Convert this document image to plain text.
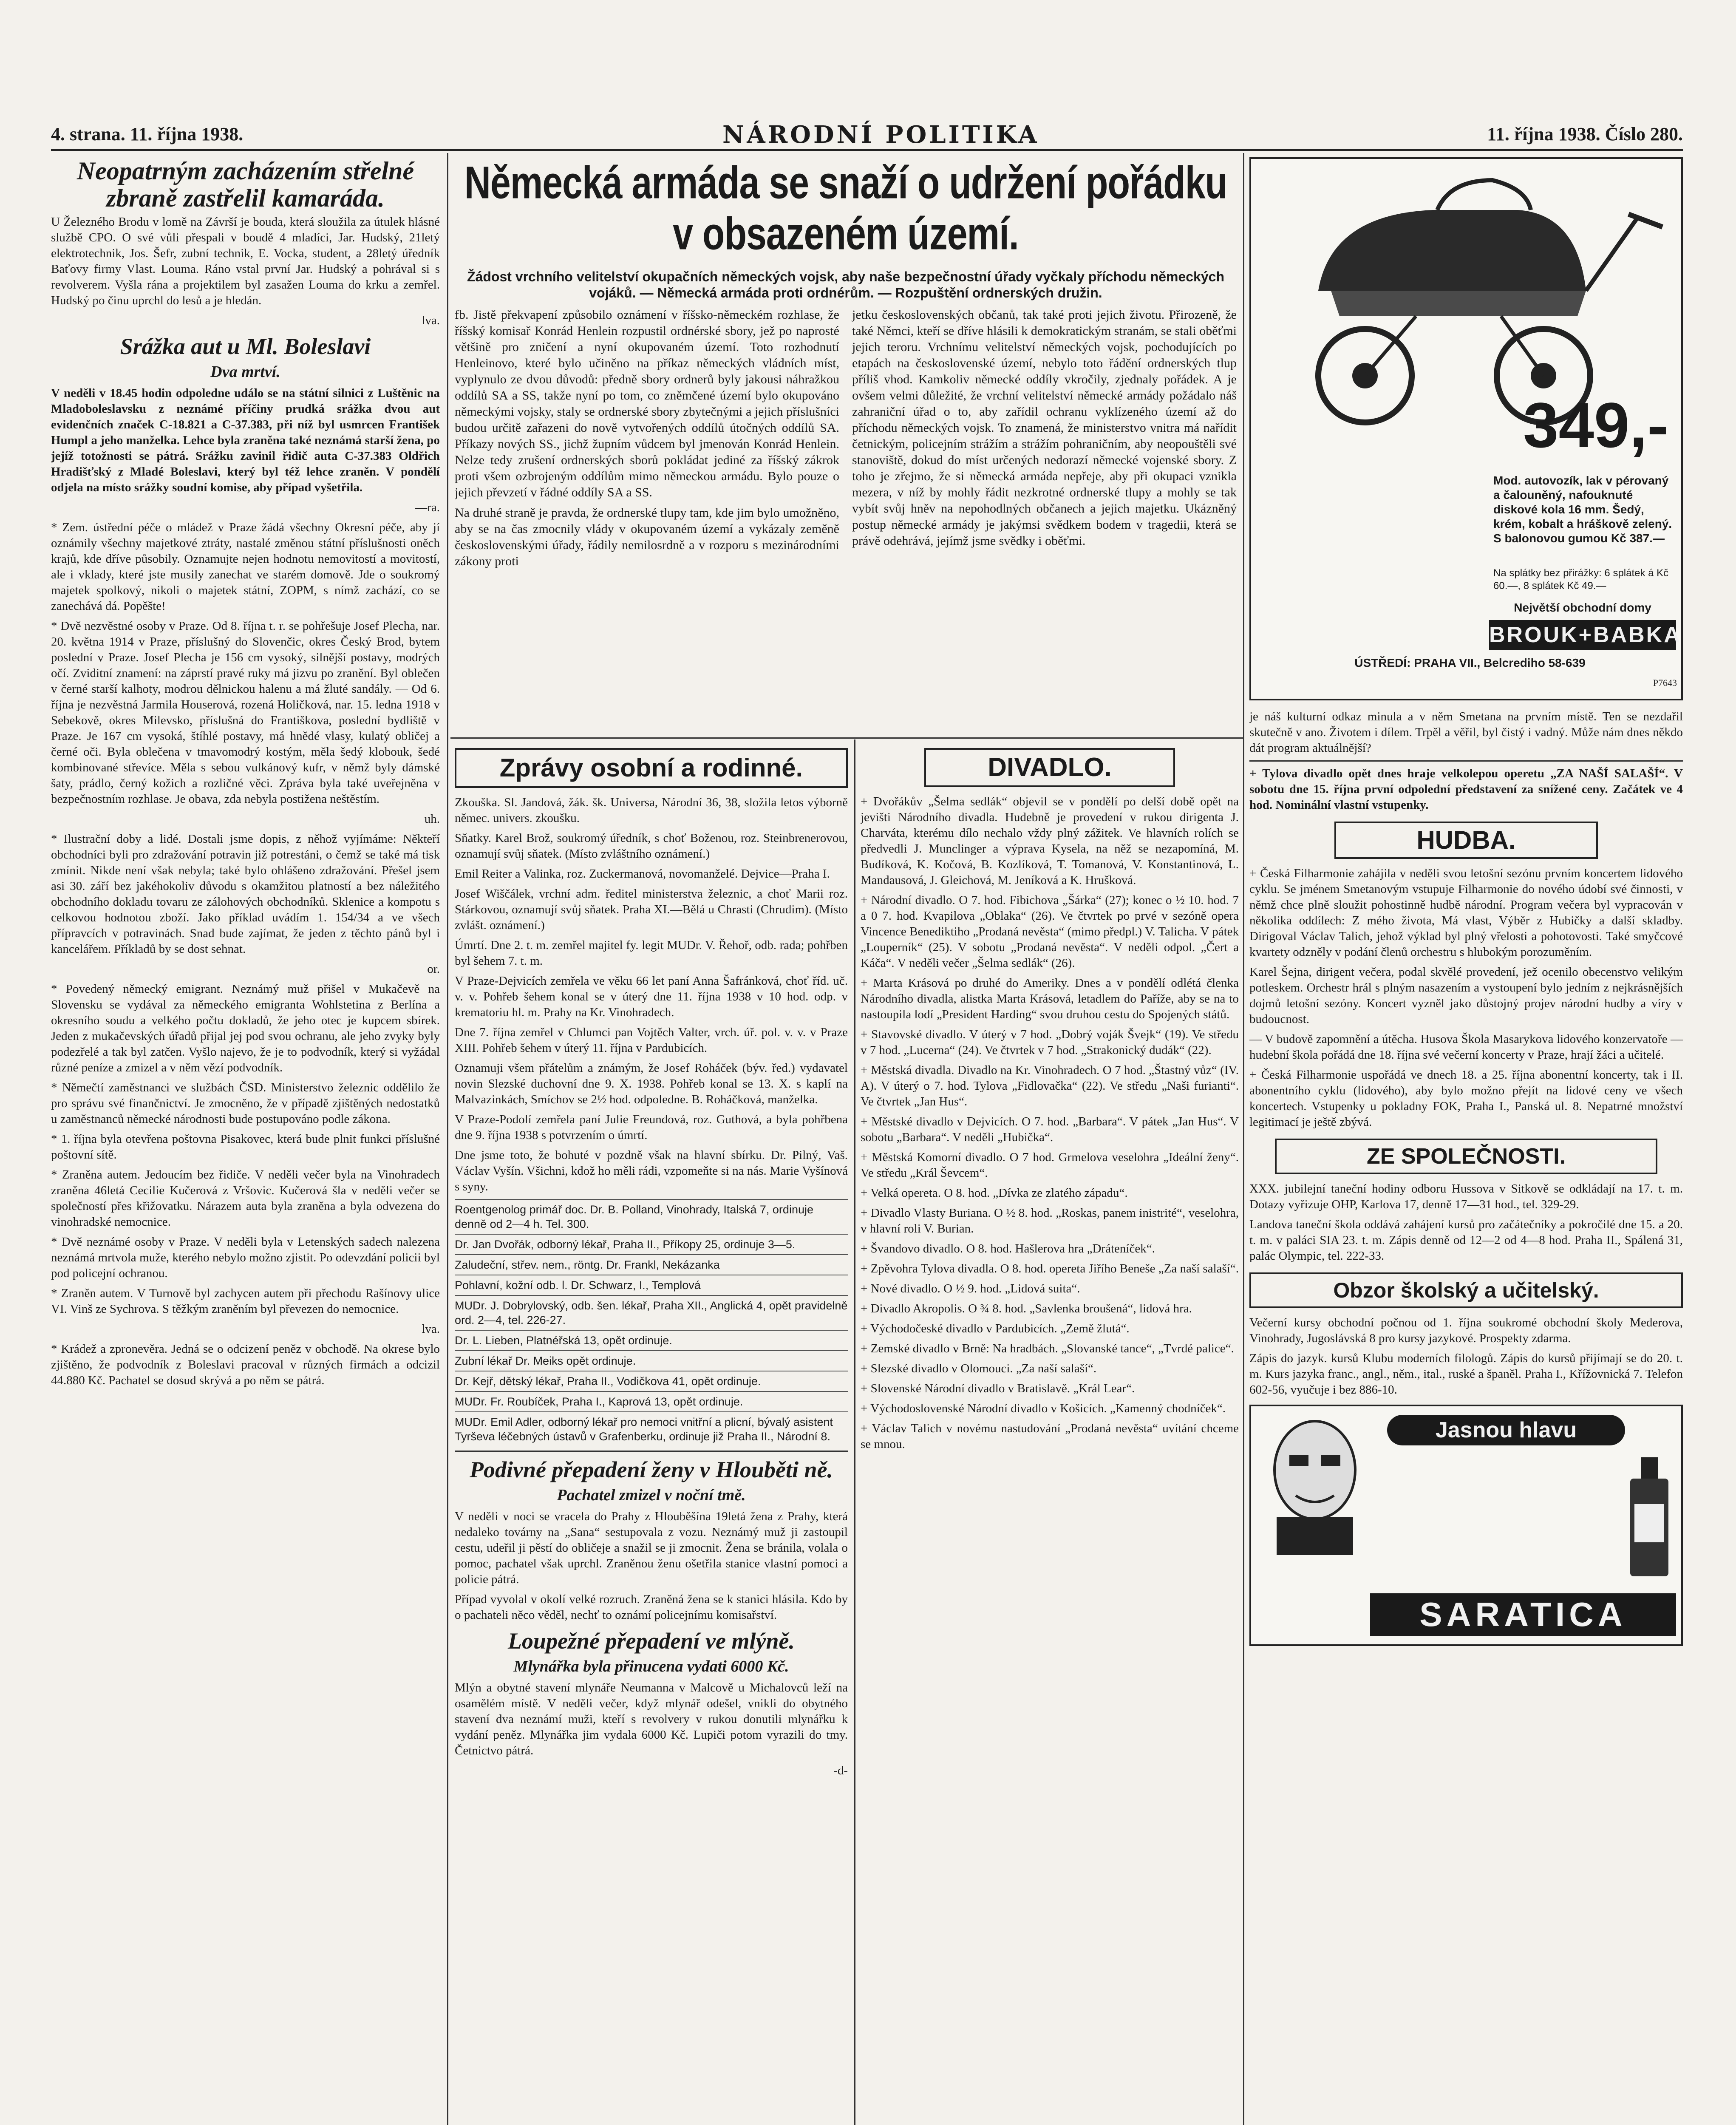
4. strana. 11. října 1938.	NÁRODNÍ POLITIKA	11. října 1938. Číslo 280.
Neopatrným zacházením střelné zbraně zastřelil kamaráda.

U Železného Brodu v lomě na Závrší je bouda, která sloužila za útulek hlásné službě CPO. O své vůli přespali v boudě 4 mladíci, Jar. Hudský, 21letý elektrotechnik, Jos. Šefr, zubní technik, E. Vocka, student, a 28letý úředník Baťovy firmy Vlast. Louma. Ráno vstal první Jar. Hudský a pohrával si s revolverem. Vyšla rána a projektilem byl zasažen Louma do krku a zemřel. Hudský po činu uprchl do lesů a je hledán.

lva.

Srážka aut u Ml. Boleslavi
Dva mrtví.

V neděli v 18.45 hodin odpoledne událo se na státní silnici z Luštěnic na Mladoboleslavsku z neznámé příčiny prudká srážka dvou aut evidenčních značek C-18.821 a C-37.383, při níž byl usmrcen František Humpl a jeho manželka. Lehce byla zraněna také neznámá starší žena, po jejíž totožnosti se pátrá. Srážku zavinil řidič auta C-37.383 Oldřich Hradišťský z Mladé Boleslavi, který byl též lehce zraněn. V pondělí odjela na místo srážky soudní komise, aby případ vyšetřila.

—ra.

* Zem. ústřední péče o mládež v Praze žádá všechny Okresní péče, aby jí oznámily všechny majetkové ztráty, nastalé změnou státní příslušnosti oněch krajů, kde dříve působily. Oznamujte nejen hodnotu nemovitostí a movitostí, ale i vklady, které jste musily zanechat ve starém domově. Jde o soukromý majetek spolkový, nikoli o majetek státní, ZOPM, s nímž zachází, co se zanechává dá. Popěšte!

* Dvě nezvěstné osoby v Praze. Od 8. října t. r. se pohřešuje Josef Plecha, nar. 20. května 1914 v Praze, příslušný do Slovenčic, okres Český Brod, bytem poslední v Praze. Josef Plecha je 156 cm vysoký, silnější postavy, modrých očí. Zviditní znamení: na záprstí pravé ruky má jizvu po zranění. Byl oblečen v černé starší kalhoty, modrou dělnickou halenu a má žluté sandály. — Od 6. října je nezvěstná Jarmila Houserová, rozená Holičková, nar. 15. ledna 1918 v Sebekově, okres Milevsko, příslušná do Františkova, poslední bydliště v Praze. Je 167 cm vysoká, štíhlé postavy, má hnědé vlasy, kulatý obličej a černé oči. Byla oblečena v tmavomodrý kostým, měla šedý klobouk, šedé kombinované střevíce. Měla s sebou vulkánový kufr, v němž byly dámské šaty, prádlo, černý kožich a rozličné věci. Zpráva byla také uveřejněna v bezpečnostním rozhlase. Je obava, zda nebyla postižena neštěstím.

uh.

* Ilustrační doby a lidé. Dostali jsme dopis, z něhož vyjímáme: Někteří obchodníci byli pro zdražování potravin již potrestáni, o čemž se také má tisk zmínit. Nikde není však nebyla; také bylo ohlášeno zdražování. Přešel jsem asi 30. září bez jakéhokoliv důvodu s okamžitou platností a bez náležitého obchodního dokladu tovaru ze zálohových obchodníků. Sklenice a kompotu s celkovou hodnotou zboží. Jako příklad uvádím 1. 154/34 a ve všech přípravcích v potravinách. Snad bude zajímat, že jeden z těchto pánů byl i kancelářem. Příkladů by se dost sehnat.

or.

* Povedený německý emigrant. Neznámý muž přišel v Mukačevě na Slovensku se vydával za německého emigranta Wohlstetina z Berlína a okresního soudu a velkého počtu dokladů, že jeho otec je kupcem sbírek. Jeden z mukačevských úřadů přijal jej pod svou ochranu, ale jeho zvyky byly podezřelé a tak byl zatčen. Vyšlo najevo, že je to podvodník, který si vyžádal různé peníze a zmizel a v něm vězí podvodník.

* Němečtí zaměstnanci ve službách ČSD. Ministerstvo železnic oddělilo že pro správu své finančnictví. Je zmocněno, že v případě zjištěných nedostatků u zaměstnanců německé národnosti bude postupováno podle zákona.

* 1. října byla otevřena poštovna Pisakovec, která bude plnit funkci příslušné poštovní sítě.

* Zraněna autem. Jedoucím bez řidiče. V neděli večer byla na Vinohradech zraněna 46letá Cecilie Kučerová z Vršovic. Kučerová šla v neděli večer se společností přes křižovatku. Nárazem auta byla zraněna a byla odvezena do vinohradské nemocnice.

* Dvě neznámé osoby v Praze. V neděli byla v Letenských sadech nalezena neznámá mrtvola muže, kterého nebylo možno zjistit. Po odevzdání policii byl pod policejní ochranou.

* Zraněn autem. V Turnově byl zachycen autem při přechodu Rašínovy ulice VI. Vinš ze Sychrova. S těžkým zraněním byl převezen do nemocnice.

lva.

* Krádež a zpronevěra. Jedná se o odcizení peněz v obchodě. Na okrese bylo zjištěno, že podvodník z Boleslavi pracoval v různých firmách a odcizil 44.880 Kč. Pachatel se dosud skrývá a po něm se pátrá.

Německá armáda se snaží o udržení pořádku v obsazeném území.
Žádost vrchního velitelství okupačních německých vojsk, aby naše bezpečnostní úřady vyčkaly příchodu německých vojáků. — Německá armáda proti ordnérům. — Rozpuštění ordnerských družin.

fb. Jistě překvapení způsobilo oznámení v říšsko-německém rozhlase, že říšský komisař Konrád Henlein rozpustil ordnérské sbory, jež po naprosté většině pro zničení a nyní okupovaném území. Toto rozhodnutí Henleinovo, které bylo učiněno na příkaz německých vládních míst, vyplynulo ze dvou důvodů: předně sbory ordnerů byly jakousi náhražkou oddílů SA a SS, takže nyní po tom, co zněmčené území bylo okupováno německými vojsky, staly se ordnerské sbory zbytečnými a jejich příslušníci budou určitě zařazeni do nově vytvořených oddílů útočných oddílů SA. Příkazy nových SS., jichž župním vůdcem byl jmenován Konrád Henlein. Nelze tedy zrušení ordnerských sborů pokládat jediné za říšský zákrok proti všem ozbrojeným oddílům mimo německou armádu. Bylo pouze o jejich převzetí v řádné oddíly SA a SS.

Na druhé straně je pravda, že ordnerské tlupy tam, kde jim bylo umožněno, aby se na čas zmocnily vlády v okupovaném území a vykázaly zeměně československými úřady, řádily nemilosrdně a v rozporu s mezinárodními zákony proti

jetku československých občanů, tak také proti jejich životu. Přirozeně, že také Němci, kteří se dříve hlásili k demokratickým stranám, se stali oběťmi jejich teroru. Vrchnímu velitelství německých vojsk, pochodujících po etapách na československé území, nebylo toto řádění ordnerských tlup příliš vhod. Kamkoliv německé oddíly vkročily, zjednaly pořádek. A je ovšem velmi důležité, že vrchní velitelství německé armády požádalo náš zahraniční úřad o to, aby zařídil ochranu vyklízeného území až do příchodu německých vojsk. To znamená, že ministerstvo vnitra má nařídit četnickým, policejním strážím a strážím pohraničním, aby neopouštěli své stanoviště, dokud do míst určených nedorazí německé vojenské sbory. Z toho je zřejmo, že si německá armáda nepřeje, aby při okupaci vznikla mezera, v níž by mohly řádit nezkrotné ordnerské tlupy a mohly se tak vybít svůj hněv na nepohodlných občanech a jejich majetku. Ukázněný postup německé armády je jakýmsi svědkem bodem v tragedii, která se právě odehrává, jejímž jsme svědky i oběťmi.

Zprávy osobní a rodinné.

Zkouška. Sl. Jandová, žák. šk. Universa, Národní 36, 38, složila letos výborně němec. univers. zkoušku.

Sňatky. Karel Brož, soukromý úředník, s choť Boženou, roz. Steinbrenerovou, oznamují svůj sňatek. (Místo zvláštního oznámení.)

Emil Reiter a Valinka, roz. Zuckermanová, novomanželé. Dejvice—Praha I.

Josef Wiščálek, vrchní adm. ředitel ministerstva železnic, a choť Marii roz. Stárkovou, oznamují svůj sňatek. Praha XI.—Bělá u Chrasti (Chrudim). (Místo zvlášt. oznámení.)

Úmrtí. Dne 2. t. m. zemřel majitel fy. legit MUDr. V. Řehoř, odb. rada; pohřben byl šehem 7. t. m.

V Praze-Dejvicích zemřela ve věku 66 let paní Anna Šafránková, choť říd. uč. v. v. Pohřeb šehem konal se v úterý dne 11. října 1938 v 10 hod. odp. v krematoriu hl. m. Prahy na Kr. Vinohradech.

Dne 7. října zemřel v Chlumci pan Vojtěch Valter, vrch. úř. pol. v. v. v Praze XIII. Pohřeb šehem v úterý 11. října v Pardubicích.

Oznamuji všem přátelům a známým, že Josef Roháček (býv. řed.) vydavatel novin Slezské duchovní dne 9. X. 1938. Pohřeb konal se 13. X. s kaplí na Malvazinkách, Smíchov se 2½ hod. odpoledne. B. Roháčková, manželka.

V Praze-Podolí zemřela paní Julie Freundová, roz. Guthová, a byla pohřbena dne 9. října 1938 s potvrzením o úmrtí.

Dne jsme toto, že bohuté v pozdně však na hlavní sbírku. Dr. Pilný, Vaš. Václav Vyšín. Všichni, kdož ho měli rádi, vzpomeňte si na nás. Marie Vyšínová s syny.

Roentgenolog primář doc. Dr. B. Polland, Vinohrady, Italská 7, ordinuje denně od 2—4 h. Tel. 300.
Dr. Jan Dvořák, odborný lékař, Praha II., Příkopy 25, ordinuje 3—5.
Zaludeční, střev. nem., röntg. Dr. Frankl, Nekázanka
Pohlavní, kožní odb. l. Dr. Schwarz, I., Templová
MUDr. J. Dobrylovský, odb. šen. lékař, Praha XII., Anglická 4, opět pravidelně ord. 2—4, tel. 226-27.
Dr. L. Lieben, Platnéřská 13, opět ordinuje.
Zubní lékař Dr. Meiks opět ordinuje.
Dr. Kejř, dětský lékař, Praha II., Vodičkova 41, opět ordinuje.
MUDr. Fr. Roubíček, Praha I., Kaprová 13, opět ordinuje.
MUDr. Emil Adler, odborný lékař pro nemoci vnitřní a plicní, bývalý asistent Tyrševa léčebných ústavů v Grafenberku, ordinuje již Praha II., Národní 8.
Podivné přepadení ženy v Hlouběti ně.
Pachatel zmizel v noční tmě.

V neděli v noci se vracela do Prahy z Hlouběšína 19letá žena z Prahy, která nedaleko továrny na „Sana“ sestupovala z vozu. Neznámý muž ji zastoupil cestu, udeřil ji pěstí do obličeje a snažil se ji zmocnit. Žena se bránila, volala o pomoc, pachatel však uprchl. Zraněnou ženu ošetřila stanice vlastní pomoci a policie pátrá.

Případ vyvolal v okolí velké rozruch. Zraněná žena se k stanici hlásila. Kdo by o pachateli něco věděl, nechť to oznámí policejnímu komisařství.

Loupežné přepadení ve mlýně.
Mlynářka byla přinucena vydati 6000 Kč.

Mlýn a obytné stavení mlynáře Neumanna v Malcově u Michalovců leží na osamělém místě. V neděli večer, když mlynář odešel, vnikli do obytného stavení dva neznámí muži, kteří s revolvery v rukou donutili mlynářku k vydání peněz. Mlynářka jim vydala 6000 Kč. Lupiči potom vyrazili do tmy. Četnictvo pátrá.

-d-

DIVADLO.

+ Dvořákův „Šelma sedlák“ objevil se v pondělí po delší době opět na jevišti Národního divadla. Hudebně je provedení v rukou dirigenta J. Charváta, kterému dílo nechalo vždy plný zážitek. Ve hlavních rolích se předvedli J. Munclinger a výprava Kysela, na něž se nezapomíná, M. Budíková, K. Kočová, B. Kozlíková, T. Tomanová, V. Konstantinová, L. Mandausová, J. Gleichová, M. Jeníková a K. Hrušková.

+ Národní divadlo. O 7. hod. Fibichova „Šárka“ (27); konec o ½ 10. hod. 7 a 0 7. hod. Kvapilova „Oblaka“ (26). Ve čtvrtek po prvé v sezóně opera Vincence Benediktiho „Prodaná nevěsta“ (mimo předpl.) V. Talicha. V pátek „Louperník“ (25). V sobotu „Prodaná nevěsta“. V neděli odpol. „Čert a Káča“. V neděli večer „Šelma sedlák“ (26).

+ Marta Krásová po druhé do Ameriky. Dnes a v pondělí odlétá členka Národního divadla, alistka Marta Krásová, letadlem do Paříže, aby se na to nastoupila lodí „President Harding“ svou druhou cestu do Spojených států.

+ Stavovské divadlo. V úterý v 7 hod. „Dobrý voják Švejk“ (19). Ve středu v 7 hod. „Lucerna“ (24). Ve čtvrtek v 7 hod. „Strakonický dudák“ (22).

+ Městská divadla. Divadlo na Kr. Vinohradech. O 7 hod. „Štastný vůz“ (IV. A). V úterý o 7. hod. Tylova „Fidlovačka“ (22). Ve středu „Naši furianti“. Ve čtvrtek „Jan Hus“.

+ Městské divadlo v Dejvicích. O 7. hod. „Barbara“. V pátek „Jan Hus“. V sobotu „Barbara“. V neděli „Hubička“.

+ Městská Komorní divadlo. O 7 hod. Grmelova veselohra „Ideální ženy“. Ve středu „Král Ševcem“.

+ Velká opereta. O 8. hod. „Dívka ze zlatého západu“.

+ Divadlo Vlasty Buriana. O ½ 8. hod. „Roskas, panem inistrité“, veselohra, v hlavní roli V. Burian.

+ Švandovo divadlo. O 8. hod. Hašlerova hra „Dráteníček“.

+ Zpěvohra Tylova divadla. O 8. hod. opereta Jiřího Beneše „Za naší salaší“.

+ Nové divadlo. O ½ 9. hod. „Lidová suita“.

+ Divadlo Akropolis. O ¾ 8. hod. „Savlenka broušená“, lidová hra.

+ Východočeské divadlo v Pardubicích. „Země žlutá“.

+ Zemské divadlo v Brně: Na hradbách. „Slovanské tance“, „Tvrdé palice“.

+ Slezské divadlo v Olomouci. „Za naší salaší“.

+ Slovenské Národní divadlo v Bratislavě. „Král Lear“.

+ Východoslovenské Národní divadlo v Košicích. „Kamenný chodníček“.

+ Václav Talich v novému nastudování „Prodaná nevěsta“ uvítání chceme se mnou.

349,-
Mod. autovozík, lak v pérovaný a čalouněný, nafouknuté diskové kola 16 mm. Šedý, krém, kobalt a hráškově zelený. S balonovou gumou Kč 387.—
Na splátky bez přirážky: 6 splátek á Kč 60.—, 8 splátek Kč 49.—
Největší obchodní domy
BROUK+BABKA
ÚSTŘEDÍ: PRAHA VII., Belcrediho 58-639
P7643

je náš kulturní odkaz minula a v něm Smetana na prvním místě. Ten se nezdařil skutečně v ano. Životem i dílem. Trpěl a věřil, byl čistý i vadný. Může nám dnes někdo dát program aktuálnější?

+ Tylova divadlo opět dnes hraje velkolepou operetu „ZA NAŠÍ SALAŠÍ“. V sobotu dne 15. října první odpolední představení za snížené ceny. Začátek ve 4 hod. Nominální vlastní vstupenky.

HUDBA.

+ Česká Filharmonie zahájila v neděli svou letošní sezónu prvním koncertem lidového cyklu. Se jménem Smetanovým vstupuje Filharmonie do nového údobí své činnosti, v němž chce plně sloužit pohostinně hudbě národní. Program večera byl vypracován v několika oddílech: Z mého života, Má vlast, Výběr z Hubičky a další skladby. Dirigoval Václav Talich, jehož výklad byl plný vřelosti a pohotovosti. Také smyčcové kvartety odzněly v podání členů orchestru s hlubokým porozuměním.

Karel Šejna, dirigent večera, podal skvělé provedení, jež ocenilo obecenstvo velikým potleskem. Orchestr hrál s plným nasazením a vystoupení bylo jedním z nejkrásnějších dojmů letošní sezóny. Koncert vyzněl jako důstojný projev národní hudby a víry v budoucnost.

— V budově zapomnění a útěcha. Husova Škola Masarykova lidového konzervatoře — hudební škola pořádá dne 18. října své večerní koncerty v Praze, hrají žáci a učitelé.

+ Česká Filharmonie uspořádá ve dnech 18. a 25. října abonentní koncerty, tak i II. abonentního cyklu (lidového), aby bylo možno přejít na lidové ceny ve všech koncertech. Vstupenky u pokladny FOK, Praha I., Panská ul. 8. Nepatrné množství legitimací je ještě zbývá.

ZE SPOLEČNOSTI.

XXX. jubilejní taneční hodiny odboru Hussova v Sitkově se odkládají na 17. t. m. Dotazy vyřizuje OHP, Karlova 17, denně 17—31 hod., tel. 329-29.

Landova taneční škola oddává zahájení kursů pro začátečníky a pokročilé dne 15. a 20. t. m. v paláci SIA 23. t. m. Zápis denně od 12—2 od 4—8 hod. Praha II., Spálená 31, palác Olympic, tel. 222-33.

Obzor školský a učitelský.

Večerní kursy obchodní počnou od 1. října soukromé obchodní školy Mederova, Vinohrady, Jugoslávská 8 pro kursy jazykové. Prospekty zdarma.

Zápis do jazyk. kursů Klubu moderních filologů. Zápis do kursů přijímají se do 20. t. m. Kurs jazyka franc., angl., něm., ital., ruské a španěl. Praha I., Křížovnická 7. Telefon 602-56, vyučuje i bez 886-10.

Jasnou hlavu
SARATICA
